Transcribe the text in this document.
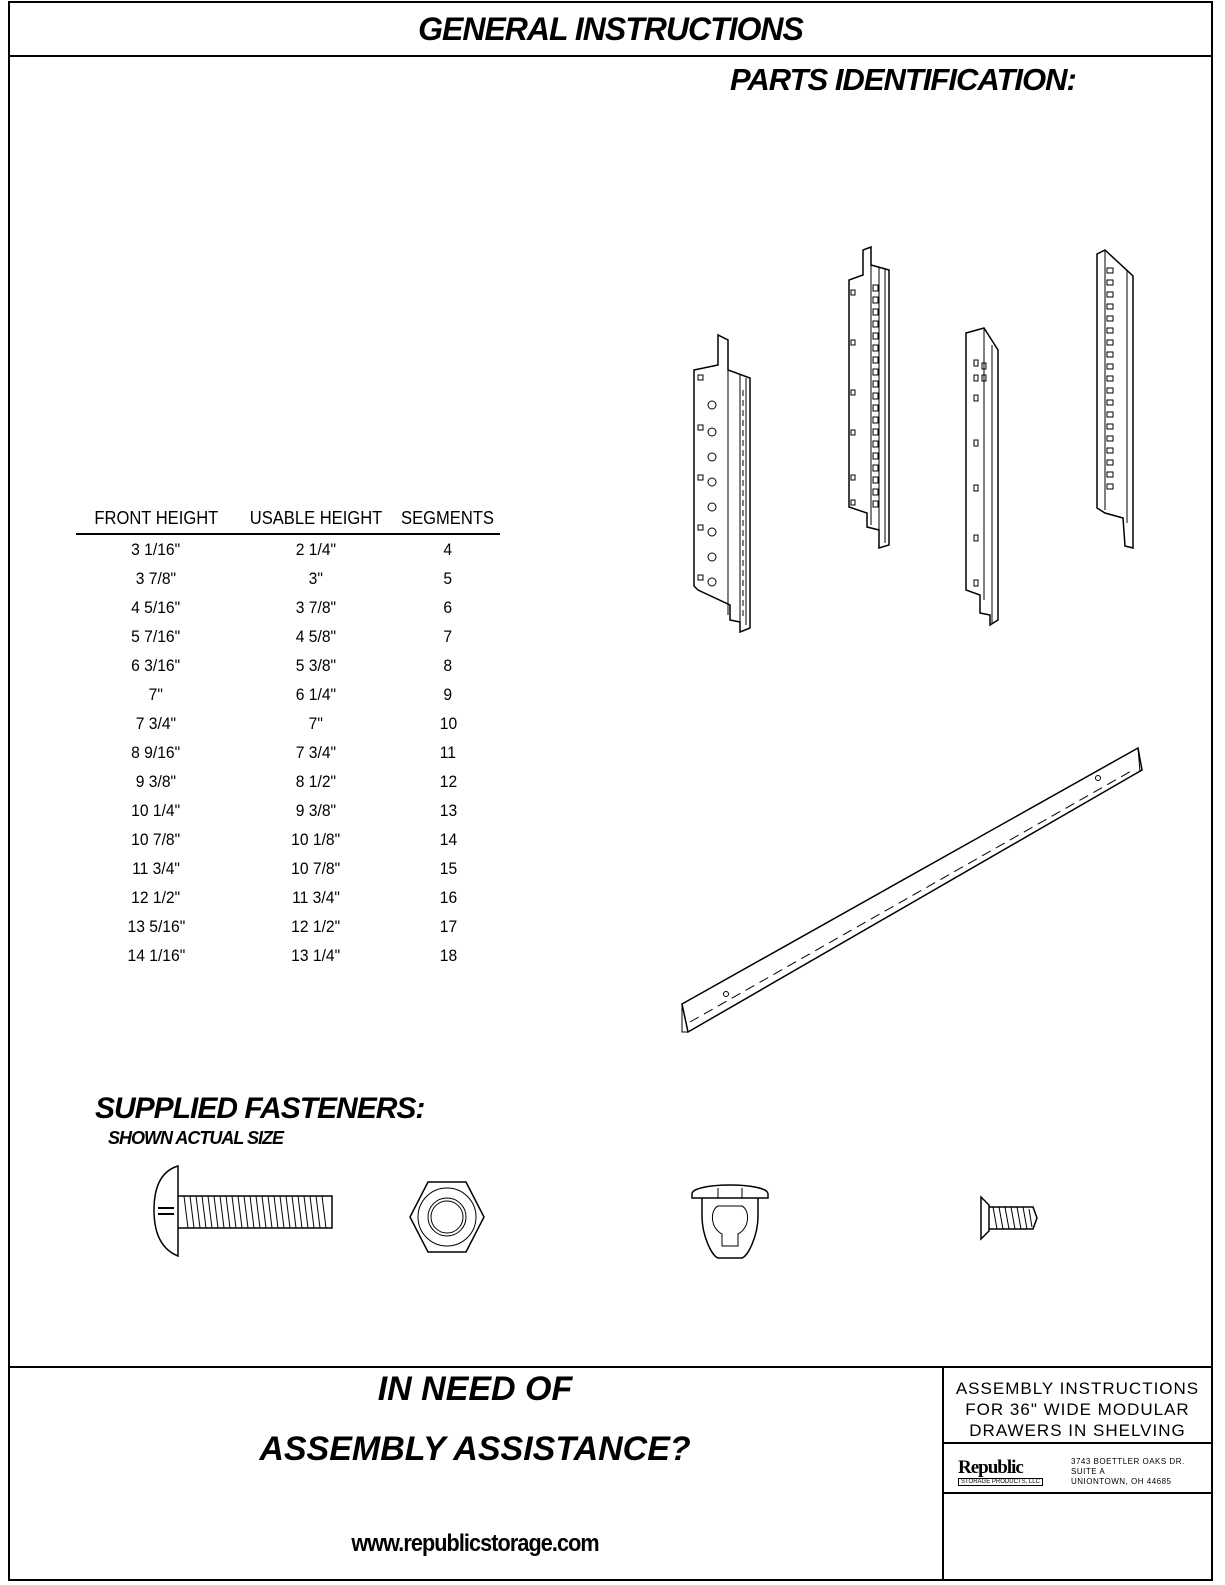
GENERAL INSTRUCTIONS
PARTS IDENTIFICATION:
FRONT HEIGHT	USABLE HEIGHT	SEGMENTS
3 1/16"	2 1/4"	4
3 7/8"	3"	5
4 5/16"	3 7/8"	6
5 7/16"	4 5/8"	7
6 3/16"	5 3/8"	8
7"	6 1/4"	9
7 3/4"	7"	10
8 9/16"	7 3/4"	11
9 3/8"	8 1/2"	12
10 1/4"	9 3/8"	13
10 7/8"	10 1/8"	14
11 3/4"	10 7/8"	15
12 1/2"	11 3/4"	16
13 5/16"	12 1/2"	17
14 1/16"	13 1/4"	18
SUPPLIED FASTENERS:
SHOWN ACTUAL SIZE
IN NEED OF
ASSEMBLY ASSISTANCE?
www.republicstorage.com
ASSEMBLY INSTRUCTIONS
FOR 36" WIDE MODULAR
DRAWERS IN SHELVING
Republic
STORAGE PRODUCTS, LLC
3743 BOETTLER OAKS DR.
SUITE A
UNIONTOWN, OH 44685
